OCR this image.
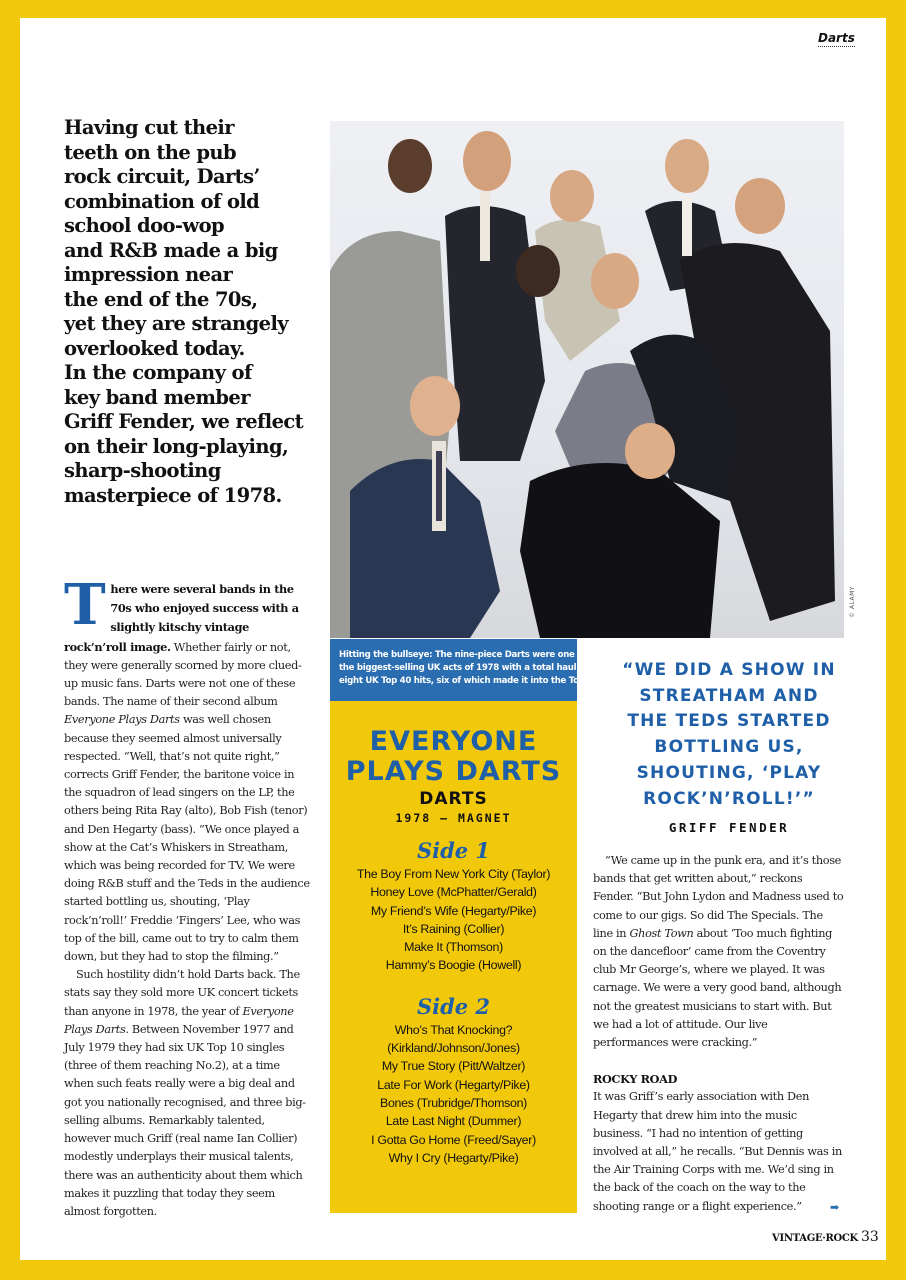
Darts
Having cut their
teeth on the pub
rock circuit, Darts’
combination of old
school doo-wop
and R&B made a big
impression near
the end of the 70s,
yet they are strangely
overlooked today.
In the company of
key band member
Griff Fender, we reflect
on their long-playing,
sharp-shooting
masterpiece of 1978.

There were several bands in the 70s who enjoyed success with a slightly kitschy vintage rock’n’roll image. Whether fairly or not, they were generally scorned by more clued-up music fans. Darts were not one of these bands. The name of their second album Everyone Plays Darts was well chosen because they seemed almost universally respected. “Well, that’s not quite right,” corrects Griff Fender, the baritone voice in the squadron of lead singers on the LP, the others being Rita Ray (alto), Bob Fish (tenor) and Den Hegarty (bass). “We once played a show at the Cat’s Whiskers in Streatham, which was being recorded for TV. We were doing R&B stuff and the Teds in the audience started bottling us, shouting, ‘Play rock’n’roll!’ Freddie ‘Fingers’ Lee, who was top of the bill, came out to try to calm them down, but they had to stop the filming.”

Such hostility didn’t hold Darts back. The stats say they sold more UK concert tickets than anyone in 1978, the year of Everyone Plays Darts. Between November 1977 and July 1979 they had six UK Top 10 singles (three of them reaching No.2), at a time when such feats really were a big deal and got you nationally recognised, and three big-selling albums. Remarkably talented, however much Griff (real name Ian Collier) modestly underplays their musical talents, there was an authenticity about them which makes it puzzling that today they seem almost forgotten.

© ALAMY
Hitting the bullseye: The nine-piece Darts were one of
the biggest-selling UK acts of 1978 with a total haul of
eight UK Top 40 hits, six of which made it into the Top 10
EVERYONE
PLAYS DARTS
DARTS
1978 – MAGNET
Side 1
The Boy From New York City (Taylor)
Honey Love (McPhatter/Gerald)
My Friend’s Wife (Hegarty/Pike)
It’s Raining (Collier)
Make It (Thomson)
Hammy’s Boogie (Howell)
Side 2
Who’s That Knocking?
(Kirkland/Johnson/Jones)
My True Story (Pitt/Waltzer)
Late For Work (Hegarty/Pike)
Bones (Trubridge/Thomson)
Late Last Night (Dummer)
I Gotta Go Home (Freed/Sayer)
Why I Cry (Hegarty/Pike)
“WE DID A SHOW IN
STREATHAM AND
THE TEDS STARTED
BOTTLING US,
SHOUTING, ‘PLAY
ROCK’N’ROLL!’”
GRIFF FENDER

“We came up in the punk era, and it’s those bands that get written about,” reckons Fender. “But John Lydon and Madness used to come to our gigs. So did The Specials. The line in Ghost Town about ‘Too much fighting on the dancefloor’ came from the Coventry club Mr George’s, where we played. It was carnage. We were a very good band, although not the greatest musicians to start with. But we had a lot of attitude. Our live performances were cracking.”

ROCKY ROAD

It was Griff’s early association with Den Hegarty that drew him into the music business. “I had no intention of getting involved at all,” he recalls. “But Dennis was in the Air Training Corps with me. We’d sing in the back of the coach on the way to the shooting range or a flight experience.”	➡
VINTAGE·ROCK 33
